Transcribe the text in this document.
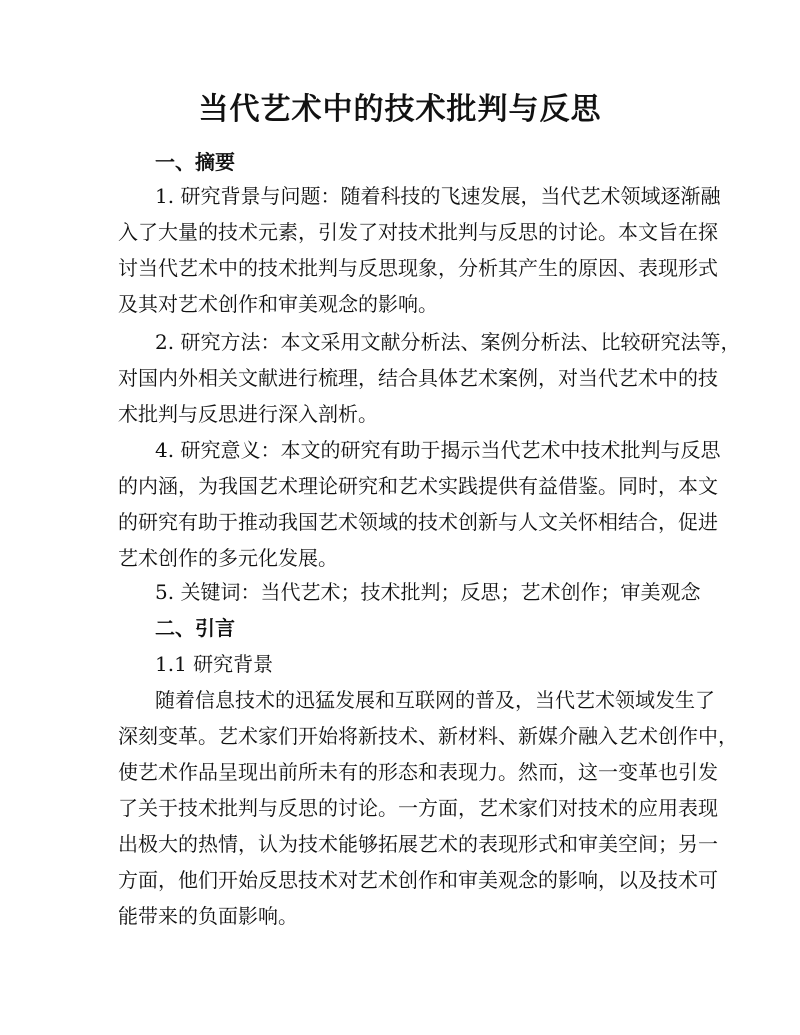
当代艺术中的技术批判与反思
一、摘要
1. 研究背景与问题：随着科技的飞速发展，当代艺术领域逐渐融
入了大量的技术元素，引发了对技术批判与反思的讨论。本文旨在探
讨当代艺术中的技术批判与反思现象，分析其产生的原因、表现形式
及其对艺术创作和审美观念的影响。
2. 研究方法：本文采用文献分析法、案例分析法、比较研究法等，
对国内外相关文献进行梳理，结合具体艺术案例，对当代艺术中的技
术批判与反思进行深入剖析。
4. 研究意义：本文的研究有助于揭示当代艺术中技术批判与反思
的内涵，为我国艺术理论研究和艺术实践提供有益借鉴。同时，本文
的研究有助于推动我国艺术领域的技术创新与人文关怀相结合，促进
艺术创作的多元化发展。
5. 关键词：当代艺术；技术批判；反思；艺术创作；审美观念
二、引言
1.1 研究背景
随着信息技术的迅猛发展和互联网的普及，当代艺术领域发生了
深刻变革。艺术家们开始将新技术、新材料、新媒介融入艺术创作中，
使艺术作品呈现出前所未有的形态和表现力。然而，这一变革也引发
了关于技术批判与反思的讨论。一方面，艺术家们对技术的应用表现
出极大的热情，认为技术能够拓展艺术的表现形式和审美空间；另一
方面，他们开始反思技术对艺术创作和审美观念的影响，以及技术可
能带来的负面影响。
